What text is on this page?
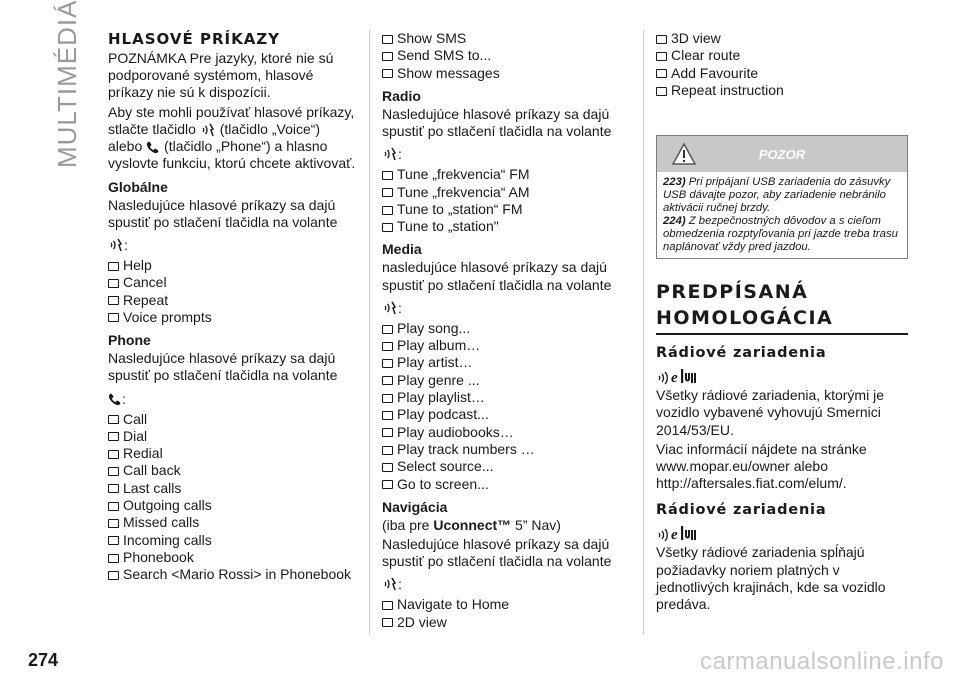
MULTIMÉDIÁ HLASOVÉ PRÍKAZY

POZNÁMKA Pre jazyky, ktoré nie sú podporované systémom, hlasové príkazy nie sú k dispozícii.

Aby ste mohli používať hlasové príkazy, stlačte tlačidlo (tlačidlo „Voice“) alebo (tlačidlo „Phone“) a hlasno vyslovte funkciu, ktorú chcete aktivovať.

Globálne

Nasledujúce hlasové príkazy sa dajú spustiť po stlačení tlačidla na volante

:
Help
Cancel
Repeat
Voice prompts
Phone

Nasledujúce hlasové príkazy sa dajú spustiť po stlačení tlačidla na volante

:
Call
Dial
Redial
Call back
Last calls
Outgoing calls
Missed calls
Incoming calls
Phonebook
Search <Mario Rossi> in Phonebook
Show SMS
Send SMS to...
Show messages
Radio

Nasledujúce hlasové príkazy sa dajú spustiť po stlačení tlačidla na volante

:
Tune „frekvencia“ FM
Tune „frekvencia“ AM
Tune to „station“ FM
Tune to „station"
Media

nasledujúce hlasové príkazy sa dajú spustiť po stlačení tlačidla na volante

:
Play song...
Play album…
Play artist…
Play genre ...
Play playlist…
Play podcast...
Play audiobooks…
Play track numbers …
Select source...
Go to screen...
Navigácia

(iba pre Uconnect™ 5” Nav)

Nasledujúce hlasové príkazy sa dajú spustiť po stlačení tlačidla na volante

:
Navigate to Home
2D view
3D view
Clear route
Add Favourite
Repeat instruction
POZOR

223) Pri pripájaní USB zariadenia do zásuvky USB dávajte pozor, aby zariadenie nebránilo aktivácii ručnej brzdy.

224) Z bezpečnostných dôvodov a s cieľom obmedzenia rozptyľovania pri jazde treba trasu naplánovať vždy pred jazdou.

PREDPÍSANÁ
HOMOLOGÁCIA
Rádiové zariadenia
e

Všetky rádiové zariadenia, ktorými je vozidlo vybavené vyhovujú Smernici 2014/53/EU.

Viac informácií nájdete na stránke www.mopar.eu/owner alebo http://aftersales.fiat.com/elum/.

Rádiové zariadenia
e

Všetky rádiové zariadenia spĺňajú požiadavky noriem platných v jednotlivých krajinách, kde sa vozidlo predáva.

274	carmanualsonline.info
